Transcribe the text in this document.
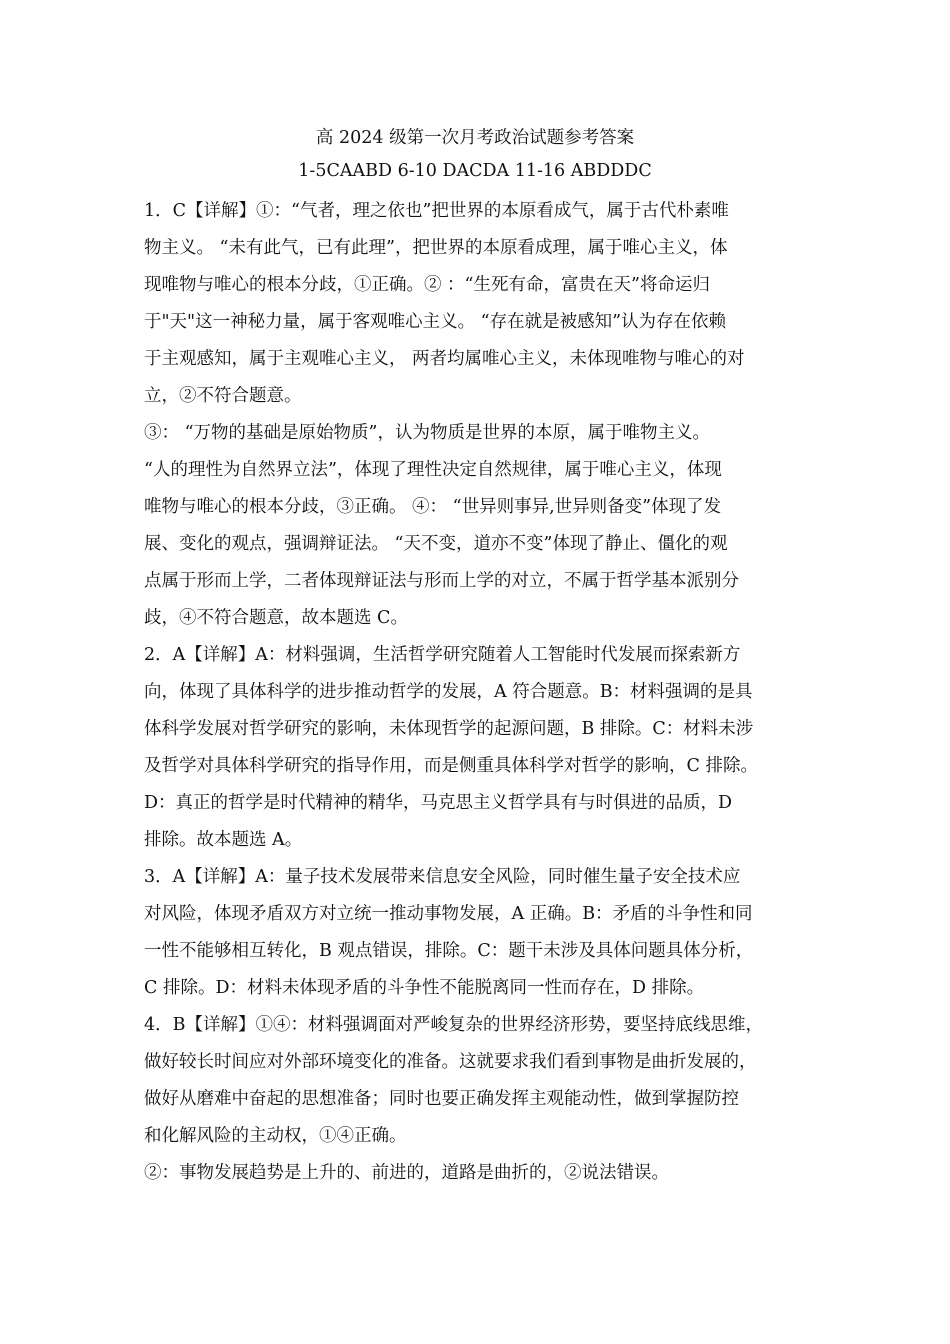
高 2024 级第一次月考政治试题参考答案
1-5CAABD 6-10 DACDA 11-16 ABDDDC
1．C【详解】①：“气者，理之依也”把世界的本原看成气，属于古代朴素唯
物主义。 “未有此气，已有此理”，把世界的本原看成理，属于唯心主义，体
现唯物与唯心的根本分歧，①正确。② ：“生死有命，富贵在天”将命运归
于"天"这一神秘力量，属于客观唯心主义。 “存在就是被感知”认为存在依赖
于主观感知，属于主观唯心主义， 两者均属唯心主义，未体现唯物与唯心的对
立，②不符合题意。
③： “万物的基础是原始物质”，认为物质是世界的本原，属于唯物主义。
“人的理性为自然界立法”，体现了理性决定自然规律，属于唯心主义，体现
唯物与唯心的根本分歧，③正确。 ④： “世异则事异,世异则备变”体现了发
展、变化的观点，强调辩证法。 “天不变，道亦不变”体现了静止、僵化的观
点属于形而上学，二者体现辩证法与形而上学的对立，不属于哲学基本派别分
歧，④不符合题意，故本题选 C。
2．A【详解】A：材料强调，生活哲学研究随着人工智能时代发展而探索新方
向，体现了具体科学的进步推动哲学的发展，A 符合题意。B：材料强调的是具
体科学发展对哲学研究的影响，未体现哲学的起源问题，B 排除。C：材料未涉
及哲学对具体科学研究的指导作用，而是侧重具体科学对哲学的影响，C 排除。
D：真正的哲学是时代精神的精华，马克思主义哲学具有与时俱进的品质，D
排除。故本题选 A。
3．A【详解】A：量子技术发展带来信息安全风险，同时催生量子安全技术应
对风险，体现矛盾双方对立统一推动事物发展，A 正确。B：矛盾的斗争性和同
一性不能够相互转化，B 观点错误，排除。C：题干未涉及具体问题具体分析，
C 排除。D：材料未体现矛盾的斗争性不能脱离同一性而存在，D 排除。
4．B【详解】①④：材料强调面对严峻复杂的世界经济形势，要坚持底线思维，
做好较长时间应对外部环境变化的准备。这就要求我们看到事物是曲折发展的，
做好从磨难中奋起的思想准备；同时也要正确发挥主观能动性，做到掌握防控
和化解风险的主动权，①④正确。
②：事物发展趋势是上升的、前进的，道路是曲折的，②说法错误。
